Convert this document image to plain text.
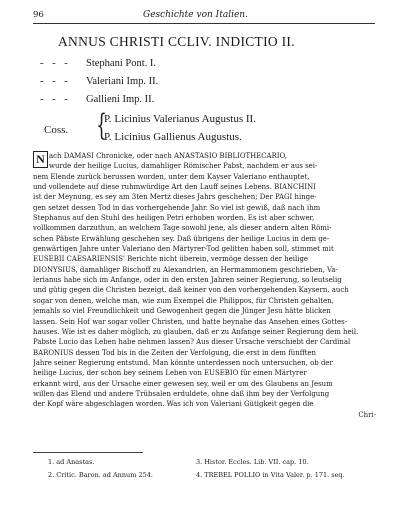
96	Geschichte von Italien.
ANNUS CHRISTI CCLIV. INDICTIO II.
- - - Stephani Pont. I.
- - - Valeriani Imp. II.
- - - Gallieni Imp. II.
Coss. {
P. Licinius Valerianus Augustus II.
P. Licinius Gallienus Augustus.
ach DAMASI Chronicke, oder nach ANASTASIO BIBLIOTHECARIO,
wurde der heilige Lucius, damahliger Römischer Pabst, nachdem er aus sei-
nem Elende zurück berussen worden, unter dem Kayser Valeriano enthauptet,
und vollendete auf diese ruhmwürdige Art den Lauff seines Lebens. BIANCHINI
ist der Meynung, es sey am 3ten Mertz dieses Jahrs geschehen; Der PAGI hinge-
gen setzet dessen Tod in das vorhergehende Jahr. So viel ist gewiß, daß nach ihm
Stephanus auf den Stuhl des heiligen Petri erhoben worden. Es ist aber schwer,
vollkommen darzuthun, an welchem Tage sowohl jene, als dieser andern alten Römi-
schen Päbste Erwählung geschehen sey. Daß übrigens der heilige Lucius in dem ge-
genwärtigen Jahre unter Valeriano den Märtyrer-Tod gelitten haben soll, stimmet mit
EUSEBII CAESARIENSIS' Berichte nicht überein, vermöge dessen der heilige
DIONYSIUS, damahliger Bischoff zu Alexandrien, an Hermammonem geschrieben, Va-
lerianus habe sich im Anfange, oder in den ersten Jahren seiner Regierung, so leutselig
und gütig gegen die Christen bezeigt, daß keiner von den vorhergehenden Kaysern, auch
sogar von denen, welche man, wie zum Exempel die Philippos, für Christen gehalten,
jemahls so viel Freundlichkeit und Gewogenheit gegen die Jünger Jesu hätte blicken
lassen. Sein Hof war sogar voller Christen, und hatte beynahe das Ansehen eines Gottes-
hauses. Wie ist es daher möglich, zu glauben, daß er zu Anfange seiner Regierung dem heil.
Pabste Lucio das Leben habe nehmen lassen? Aus dieser Ursache verschiebt der Cardinal
BARONIUS dessen Tod bis in die Zeiten der Verfolgung, die erst in dem fünfften
Jahre seiner Regierung entstund. Man könnte unterdessen noch untersuchen, ob der
heilige Lucius, der schon bey seinem Leben von EUSEBIO für einen Märtyrer
erkannt wird, aus der Ursache einer gewesen sey, weil er um des Glaubens an Jesum
willen das Elend und andere Trübsalen erduldete, ohne daß ihm bey der Verfolgung
der Kopf wäre abgeschlagen worden. Was ich von Valeriani Gütigkeit gegen die
Chri-
N
1. ad Anastas.
2. Critic. Baron. ad Annum 254.
3. Histor. Eccles. Lib. VII. cap. 10.
4. TREBEL POLLIO in Vita Valer. p. 171. seq.
